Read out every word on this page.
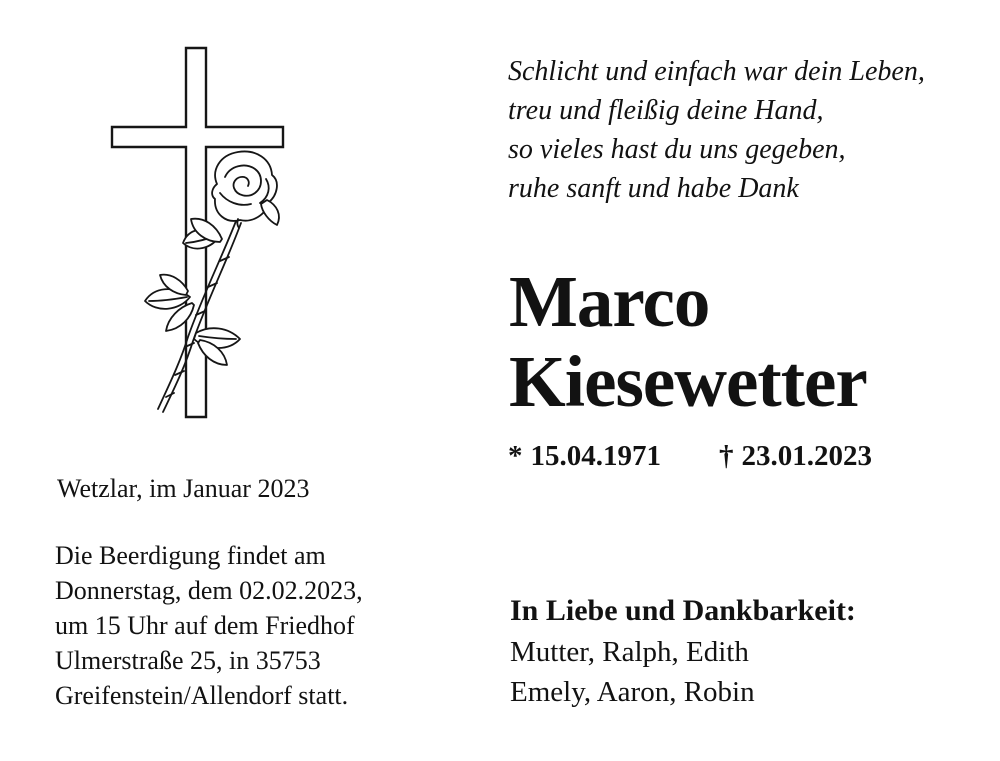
Schlicht und einfach war dein Leben,
treu und fleißig deine Hand,
so vieles hast du uns gegeben,
ruhe sanft und habe Dank
Marco
Kiesewetter
* 15.04.1971 † 23.01.2023
Wetzlar, im Januar 2023
Die Beerdigung findet am
Donnerstag, dem 02.02.2023,
um 15 Uhr auf dem Friedhof
Ulmerstraße 25, in 35753
Greifenstein/Allendorf statt.
In Liebe und Dankbarkeit:
Mutter, Ralph, Edith
Emely, Aaron, Robin
